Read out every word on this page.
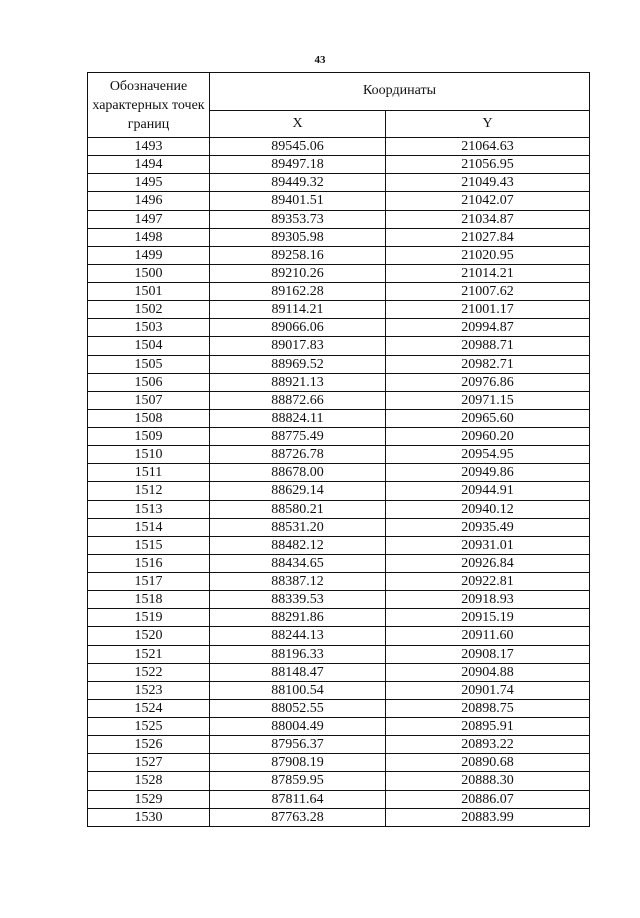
43
Обозначение характерных точек границ	Координаты	
	X	Y
1493	89545.06	21064.63
1494	89497.18	21056.95
1495	89449.32	21049.43
1496	89401.51	21042.07
1497	89353.73	21034.87
1498	89305.98	21027.84
1499	89258.16	21020.95
1500	89210.26	21014.21
1501	89162.28	21007.62
1502	89114.21	21001.17
1503	89066.06	20994.87
1504	89017.83	20988.71
1505	88969.52	20982.71
1506	88921.13	20976.86
1507	88872.66	20971.15
1508	88824.11	20965.60
1509	88775.49	20960.20
1510	88726.78	20954.95
1511	88678.00	20949.86
1512	88629.14	20944.91
1513	88580.21	20940.12
1514	88531.20	20935.49
1515	88482.12	20931.01
1516	88434.65	20926.84
1517	88387.12	20922.81
1518	88339.53	20918.93
1519	88291.86	20915.19
1520	88244.13	20911.60
1521	88196.33	20908.17
1522	88148.47	20904.88
1523	88100.54	20901.74
1524	88052.55	20898.75
1525	88004.49	20895.91
1526	87956.37	20893.22
1527	87908.19	20890.68
1528	87859.95	20888.30
1529	87811.64	20886.07
1530	87763.28	20883.99
